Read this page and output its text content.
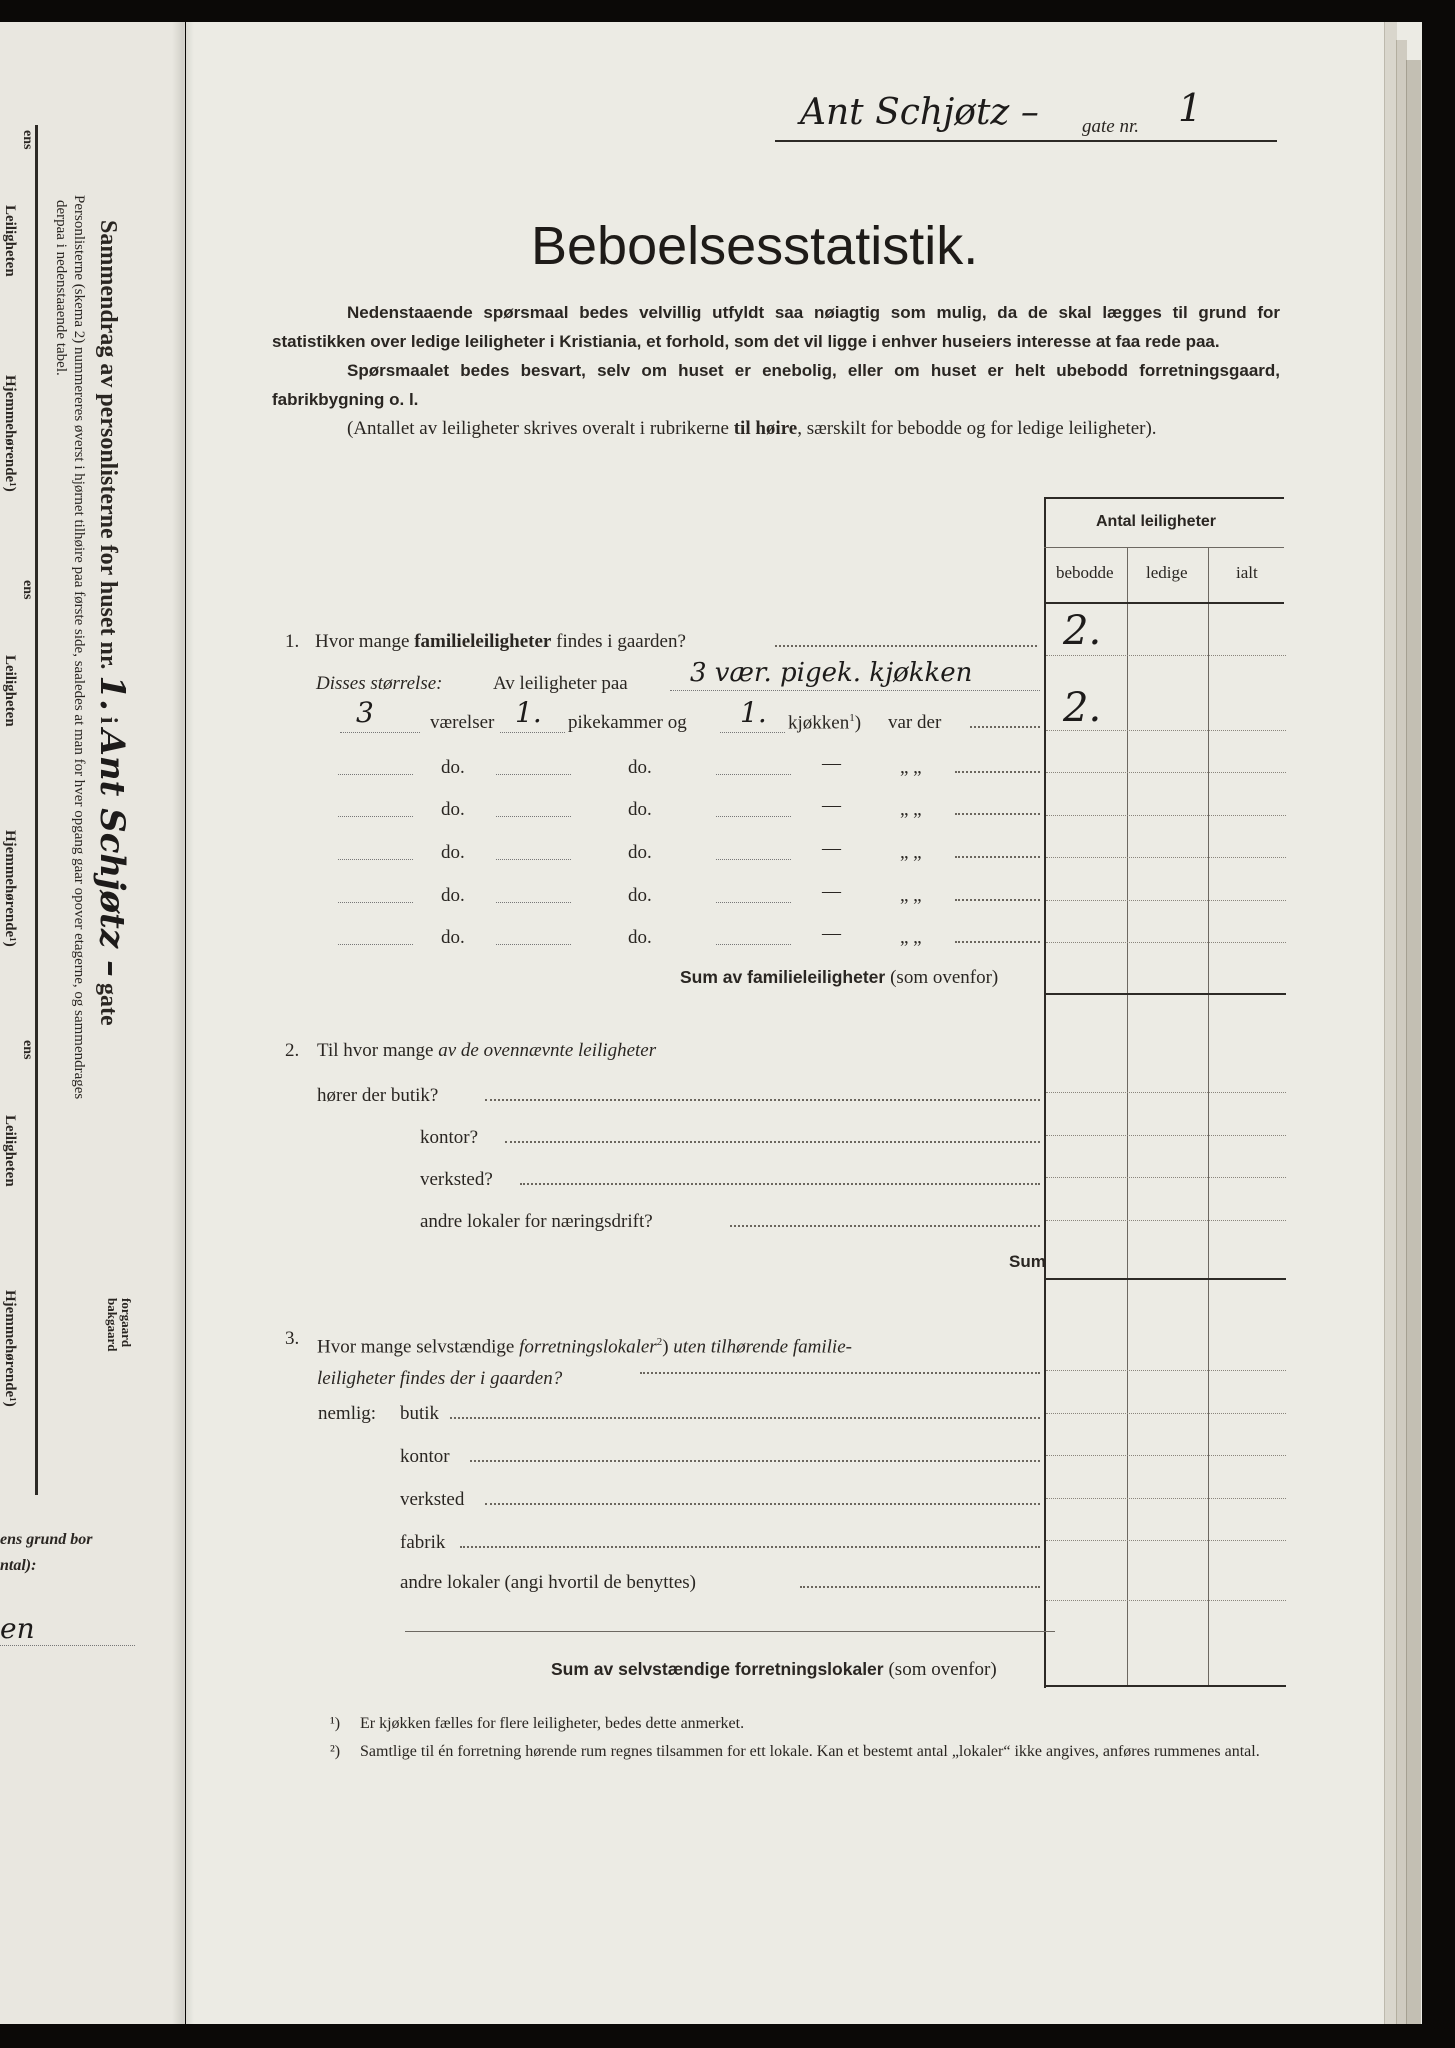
ens
Leiligheten
Hjemmehørende¹)
ens
Leiligheten
Hjemmehørende¹)
ens
Leiligheten
Hjemmehørende¹)
Sammendrag av personlisterne for huset nr. 1. i Ant Schjøtz – gate
forgaard
bakgaard
Personlisterne (skema 2) nummereres øverst i hjørnet tilhøire paa første side, saaledes at man for hver opgang gaar opover etagerne, og sammendrages
derpaa i nedenstaaende tabel.
ens grund bor
ntal):
en
Ant Schjøtz – gate nr. 1
Beboelsesstatistik.
Nedenstaaende spørsmaal bedes velvillig utfyldt saa nøiagtig som mulig, da de skal lægges til grund for statistikken over ledige leiligheter i Kristiania, et forhold, som det vil ligge i enhver huseiers interesse at faa rede paa.
Spørsmaalet bedes besvart, selv om huset er enebolig, eller om huset er helt ubebodd forretningsgaard, fabrikbygning o. l.
(Antallet av leiligheter skrives overalt i rubrikerne til høire, særskilt for bebodde og for ledige leiligheter).
Antal leiligheter
bebodde ledige	ialt
1. Hvor mange familieleiligheter findes i gaarden?	2.
Disses størrelse:	Av leiligheter paa 3 vær. pigek. kjøkken
3	værelser 1. pikekammer og 1. kjøkken$^1$) var der	2.
do.	do.	—	„ „
do.	do.	—	„ „
do.	do.	—	„ „
do.	do.	—	„ „
do.	do.	—	„ „
Sum av familieleiligheter (som ovenfor)
2. Til hvor mange av de ovennævnte leiligheter
hører der butik?
kontor?
verksted?
andre lokaler for næringsdrift?
Sum
3. Hvor mange selvstændige forretningslokaler$^2$) uten tilhørende familie-
leiligheter findes der i gaarden?
nemlig: butik
kontor
verksted
fabrik
andre lokaler (angi hvortil de benyttes)
Sum av selvstændige forretningslokaler (som ovenfor)
¹)	Er kjøkken fælles for flere leiligheter, bedes dette anmerket.
²)	Samtlige til én forretning hørende rum regnes tilsammen for ett lokale. Kan et bestemt antal „lokaler“ ikke angives, anføres rummenes antal.
